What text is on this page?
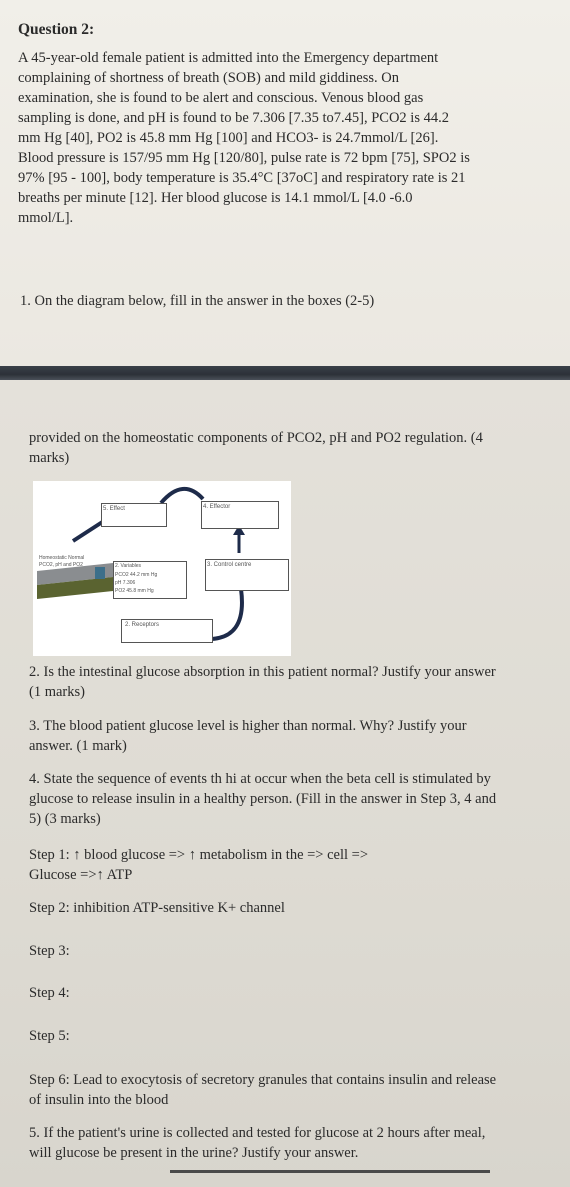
Question 2:
A 45-year-old female patient is admitted into the Emergency department complaining of shortness of breath (SOB) and mild giddiness. On examination, she is found to be alert and conscious. Venous blood gas sampling is done, and pH is found to be 7.306 [7.35 to7.45], PCO2 is 44.2 mm Hg [40], PO2 is 45.8 mm Hg [100] and HCO3- is 24.7mmol/L [26]. Blood pressure is 157/95 mm Hg [120/80], pulse rate is 72 bpm [75], SPO2 is 97% [95 - 100], body temperature is 35.4°C [37oC] and respiratory rate is 21 breaths per minute [12]. Her blood glucose is 14.1 mmol/L [4.0 -6.0 mmol/L].
1. On the diagram below, fill in the answer in the boxes (2-5)
provided on the homeostatic components of PCO2, pH and PO2 regulation. (4 marks)
5. Effect	4. Effector
3. Control centre
2. Variables
PCO2 44.2 mm Hg
pH 7.306
PO2 45.8 mm Hg
2. Receptors
Homeostatic Normal
PCO2, pH and PO2
2. Is the intestinal glucose absorption in this patient normal? Justify your answer (1 marks)
3. The blood patient glucose level is higher than normal. Why? Justify your answer. (1 mark)
4. State the sequence of events th hi at occur when the beta cell is stimulated by glucose to release insulin in a healthy person. (Fill in the answer in Step 3, 4 and 5) (3 marks)
Step 1: ↑ blood glucose => ↑ metabolism in the => cell =>
Glucose =>↑ ATP
Step 2: inhibition ATP-sensitive K+ channel
Step 3:
Step 4:
Step 5:
Step 6: Lead to exocytosis of secretory granules that contains insulin and release of insulin into the blood
5. If the patient's urine is collected and tested for glucose at 2 hours after meal, will glucose be present in the urine? Justify your answer.
